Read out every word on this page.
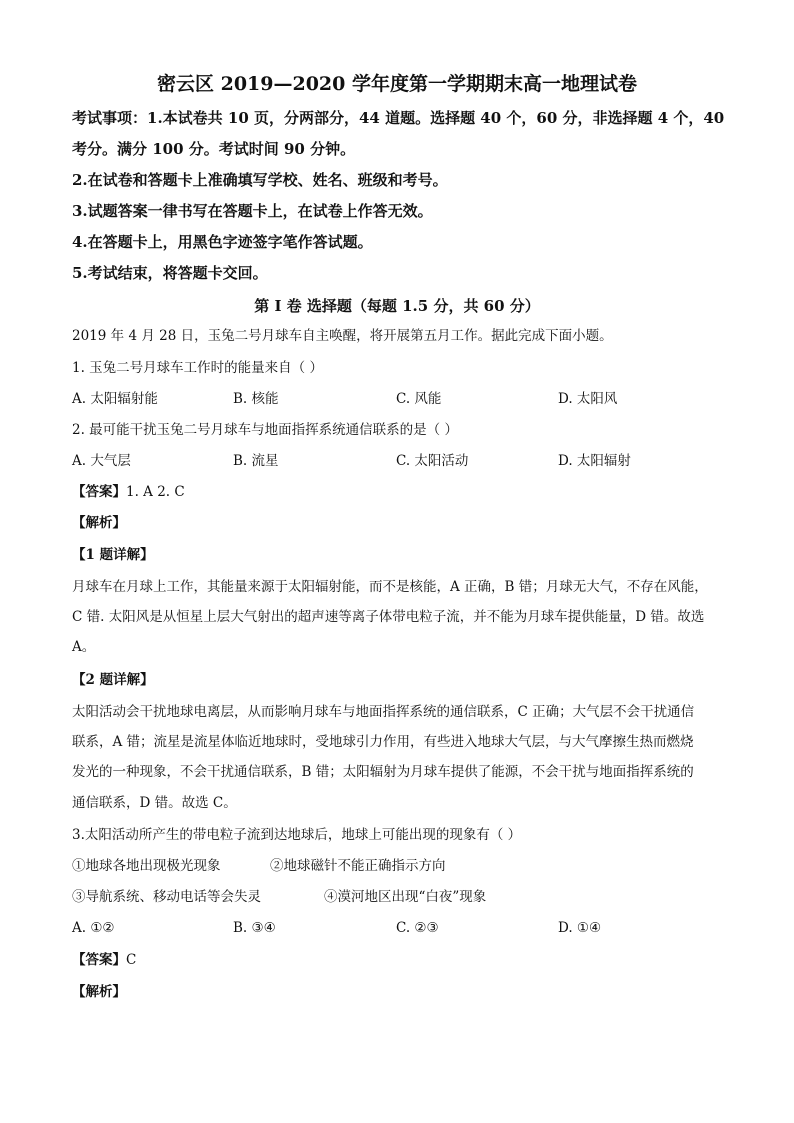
密云区 2019—2020 学年度第一学期期末高一地理试卷
考试事项：1.本试卷共 10 页，分两部分，44 道题。选择题 40 个，60 分，非选择题 4 个，40
考分。满分 100 分。考试时间 90 分钟。
2.在试卷和答题卡上准确填写学校、姓名、班级和考号。
3.试题答案一律书写在答题卡上，在试卷上作答无效。
4.在答题卡上，用黑色字迹签字笔作答试题。
5.考试结束，将答题卡交回。
第 I 卷 选择题（每题 1.5 分，共 60 分）
2019 年 4 月 28 日，玉兔二号月球车自主唤醒，将开展第五月工作。据此完成下面小题。
1. 玉兔二号月球车工作时的能量来自（ ）
A. 太阳辐射能	B. 核能	C. 风能	D. 太阳风
2. 最可能干扰玉兔二号月球车与地面指挥系统通信联系的是（ ）
A. 大气层	B. 流星	C. 太阳活动	D. 太阳辐射
【答案】1. A 2. C
【解析】
【1 题详解】
月球车在月球上工作，其能量来源于太阳辐射能，而不是核能，A 正确，B 错；月球无大气，不存在风能，
C 错. 太阳风是从恒星上层大气射出的超声速等离子体带电粒子流，并不能为月球车提供能量，D 错。故选
A。
【2 题详解】
太阳活动会干扰地球电离层，从而影响月球车与地面指挥系统的通信联系，C 正确；大气层不会干扰通信
联系，A 错；流星是流星体临近地球时，受地球引力作用，有些进入地球大气层，与大气摩擦生热而燃烧
发光的一种现象，不会干扰通信联系，B 错；太阳辐射为月球车提供了能源，不会干扰与地面指挥系统的
通信联系，D 错。故选 C。
3.太阳活动所产生的带电粒子流到达地球后，地球上可能出现的现象有（ ）
①地球各地出现极光现象	②地球磁针不能正确指示方向
③导航系统、移动电话等会失灵	④漠河地区出现“白夜”现象
A. ①②	B. ③④	C. ②③	D. ①④
【答案】C
【解析】
